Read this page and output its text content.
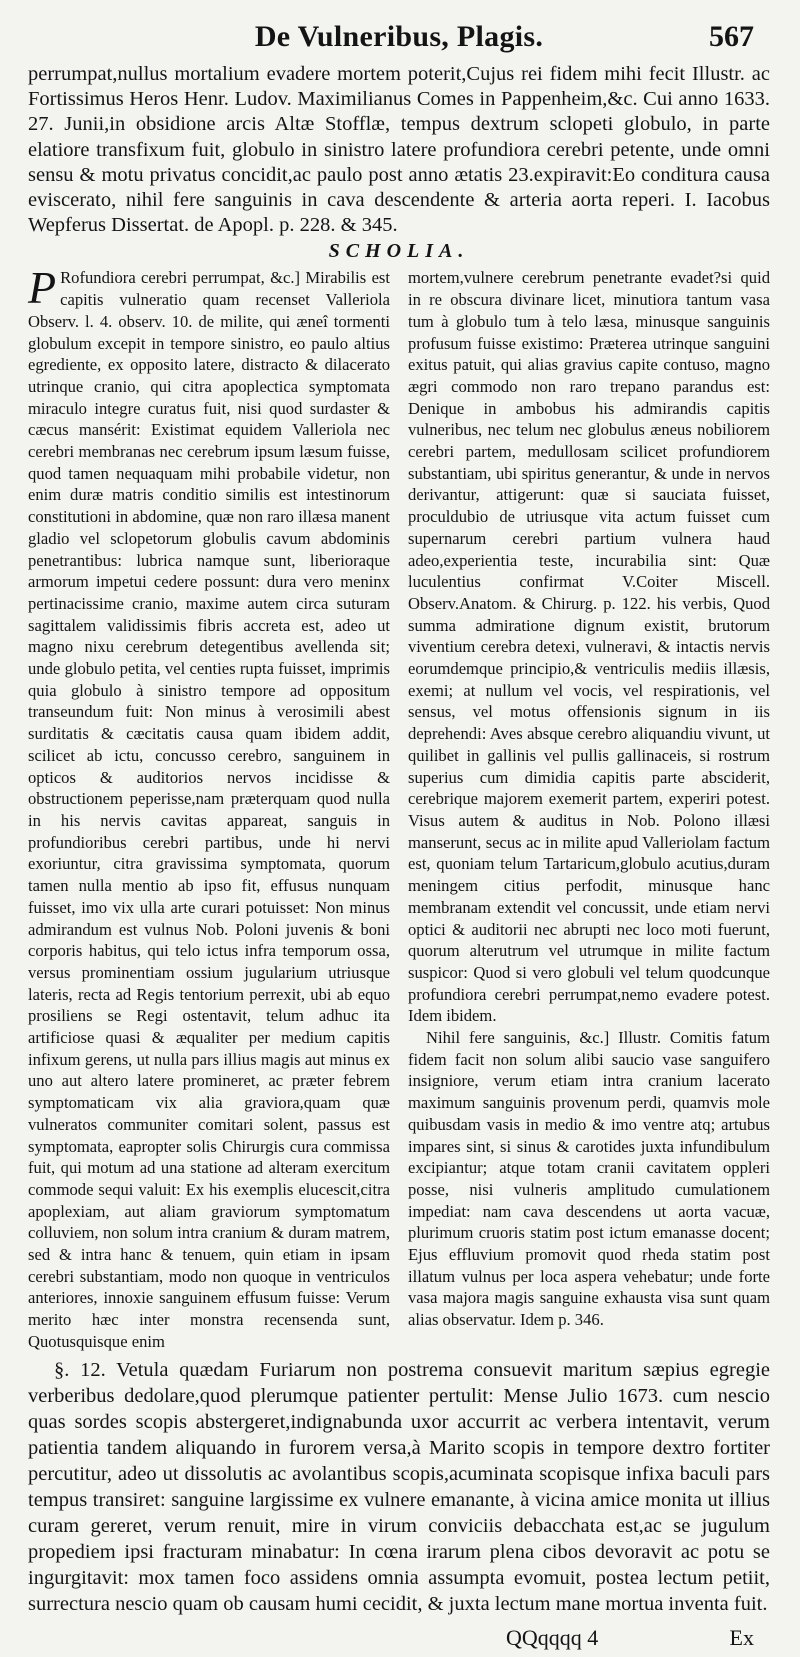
De Vulneribus, Plagis.	567

perrumpat,nullus mortalium evadere mortem poterit,Cujus rei fidem mihi fecit Illustr. ac Fortissimus Heros Henr. Ludov. Maximilianus Comes in Pappenheim,&c. Cui anno 1633. 27. Junii,in obsidione arcis Altæ Stofflæ, tempus dextrum sclopeti globulo, in parte elatiore transfixum fuit, globulo in sinistro latere profundiora cerebri petente, unde omni sensu & motu privatus concidit,ac paulo post anno ætatis 23.expiravit:Eo conditura causa eviscerato, nihil fere sanguinis in cava descendente & arteria aorta reperi. I. Iacobus Wepferus Dissertat. de Apopl. p. 228. & 345.

SCHOLIA.

P Rofundiora cerebri perrumpat, &c.] Mirabilis est capitis vulneratio quam recenset Valleriola Observ. l. 4. observ. 10. de milite, qui æneî tormenti globulum excepit in tempore sinistro, eo paulo altius egrediente, ex opposito latere, distracto & dilacerato utrinque cranio, qui citra apoplectica symptomata miraculo integre curatus fuit, nisi quod surdaster & cæcus mansérit: Existimat equidem Valleriola nec cerebri membranas nec cerebrum ipsum læsum fuisse, quod tamen nequaquam mihi probabile videtur, non enim duræ matris conditio similis est intestinorum constitutioni in abdomine, quæ non raro illæsa manent gladio vel sclopetorum globulis cavum abdominis penetrantibus: lubrica namque sunt, liberioraque armorum impetui cedere possunt: dura vero meninx pertinacissime cranio, maxime autem circa suturam sagittalem validissimis fibris accreta est, adeo ut magno nixu cerebrum detegentibus avellenda sit; unde globulo petita, vel centies rupta fuisset, imprimis quia globulo à sinistro tempore ad oppositum transeundum fuit: Non minus à verosimili abest surditatis & cæcitatis causa quam ibidem addit, scilicet ab ictu, concusso cerebro, sanguinem in opticos & auditorios nervos incidisse & obstructionem peperisse,nam præterquam quod nulla in his nervis cavitas appareat, sanguis in profundioribus cerebri partibus, unde hi nervi exoriuntur, citra gravissima symptomata, quorum tamen nulla mentio ab ipso fit, effusus nunquam fuisset, imo vix ulla arte curari potuisset: Non minus admirandum est vulnus Nob. Poloni juvenis & boni corporis habitus, qui telo ictus infra temporum ossa, versus prominentiam ossium jugularium utriusque lateris, recta ad Regis tentorium perrexit, ubi ab equo prosiliens se Regi ostentavit, telum adhuc ita artificiose quasi & æqualiter per medium capitis infixum gerens, ut nulla pars illius magis aut minus ex uno aut altero latere promineret, ac præter febrem symptomaticam vix alia graviora,quam quæ vulneratos communiter comitari solent, passus est symptomata, eapropter solis Chirurgis cura commissa fuit, qui motum ad una statione ad alteram exercitum commode sequi valuit: Ex his exemplis elucescit,citra apoplexiam, aut aliam graviorum symptomatum colluviem, non solum intra cranium & duram matrem, sed & intra hanc & tenuem, quin etiam in ipsam cerebri substantiam, modo non quoque in ventriculos anteriores, innoxie sanguinem effusum fuisse: Verum merito hæc inter monstra recensenda sunt, Quotusquisque enim

mortem,vulnere cerebrum penetrante evadet?si quid in re obscura divinare licet, minutiora tantum vasa tum à globulo tum à telo læsa, minusque sanguinis profusum fuisse existimo: Præterea utrinque sanguini exitus patuit, qui alias gravius capite contuso, magno ægri commodo non raro trepano parandus est: Denique in ambobus his admirandis capitis vulneribus, nec telum nec globulus æneus nobiliorem cerebri partem, medullosam scilicet profundiorem substantiam, ubi spiritus generantur, & unde in nervos derivantur, attigerunt: quæ si sauciata fuisset, proculdubio de utriusque vita actum fuisset cum supernarum cerebri partium vulnera haud adeo,experientia teste, incurabilia sint: Quæ luculentius confirmat V.Coiter Miscell. Observ.Anatom. & Chirurg. p. 122. his verbis, Quod summa admiratione dignum existit, brutorum viventium cerebra detexi, vulneravi, & intactis nervis eorumdemque principio,& ventriculis mediis illæsis, exemi; at nullum vel vocis, vel respirationis, vel sensus, vel motus offensionis signum in iis deprehendi: Aves absque cerebro aliquandiu vivunt, ut quilibet in gallinis vel pullis gallinaceis, si rostrum superius cum dimidia capitis parte absciderit, cerebrique majorem exemerit partem, experiri potest. Visus autem & auditus in Nob. Polono illæsi manserunt, secus ac in milite apud Valleriolam factum est, quoniam telum Tartaricum,globulo acutius,duram meningem citius perfodit, minusque hanc membranam extendit vel concussit, unde etiam nervi optici & auditorii nec abrupti nec loco moti fuerunt, quorum alterutrum vel utrumque in milite factum suspicor: Quod si vero globuli vel telum quodcunque profundiora cerebri perrumpat,nemo evadere potest. Idem ibidem.

Nihil fere sanguinis, &c.] Illustr. Comitis fatum fidem facit non solum alibi saucio vase sanguifero insigniore, verum etiam intra cranium lacerato maximum sanguinis provenum perdi, quamvis mole quibusdam vasis in medio & imo ventre atq; artubus impares sint, si sinus & carotides juxta infundibulum excipiantur; atque totam cranii cavitatem oppleri posse, nisi vulneris amplitudo cumulationem impediat: nam cava descendens ut aorta vacuæ, plurimum cruoris statim post ictum emanasse docent; Ejus effluvium promovit quod rheda statim post illatum vulnus per loca aspera vehebatur; unde forte vasa majora magis sanguine exhausta visa sunt quam alias observatur. Idem p. 346.

§. 12. Vetula quædam Furiarum non postrema consuevit maritum sæpius egregie verberibus dedolare,quod plerumque patienter pertulit: Mense Julio 1673. cum nescio quas sordes scopis abstergeret,indignabunda uxor accurrit ac verbera intentavit, verum patientia tandem aliquando in furorem versa,à Marito scopis in tempore dextro fortiter percutitur, adeo ut dissolutis ac avolantibus scopis,acuminata scopisque infixa baculi pars tempus transiret: sanguine largissime ex vulnere emanante, à vicina amice monita ut illius curam gereret, verum renuit, mire in virum conviciis debacchata est,ac se jugulum propediem ipsi fracturam minabatur: In cœna irarum plena cibos devoravit ac potu se ingurgitavit: mox tamen foco assidens omnia assumpta evomuit, postea lectum petiit, surrectura nescio quam ob causam humi cecidit, & juxta lectum mane mortua inventa fuit.

QQqqqq 4	Ex
